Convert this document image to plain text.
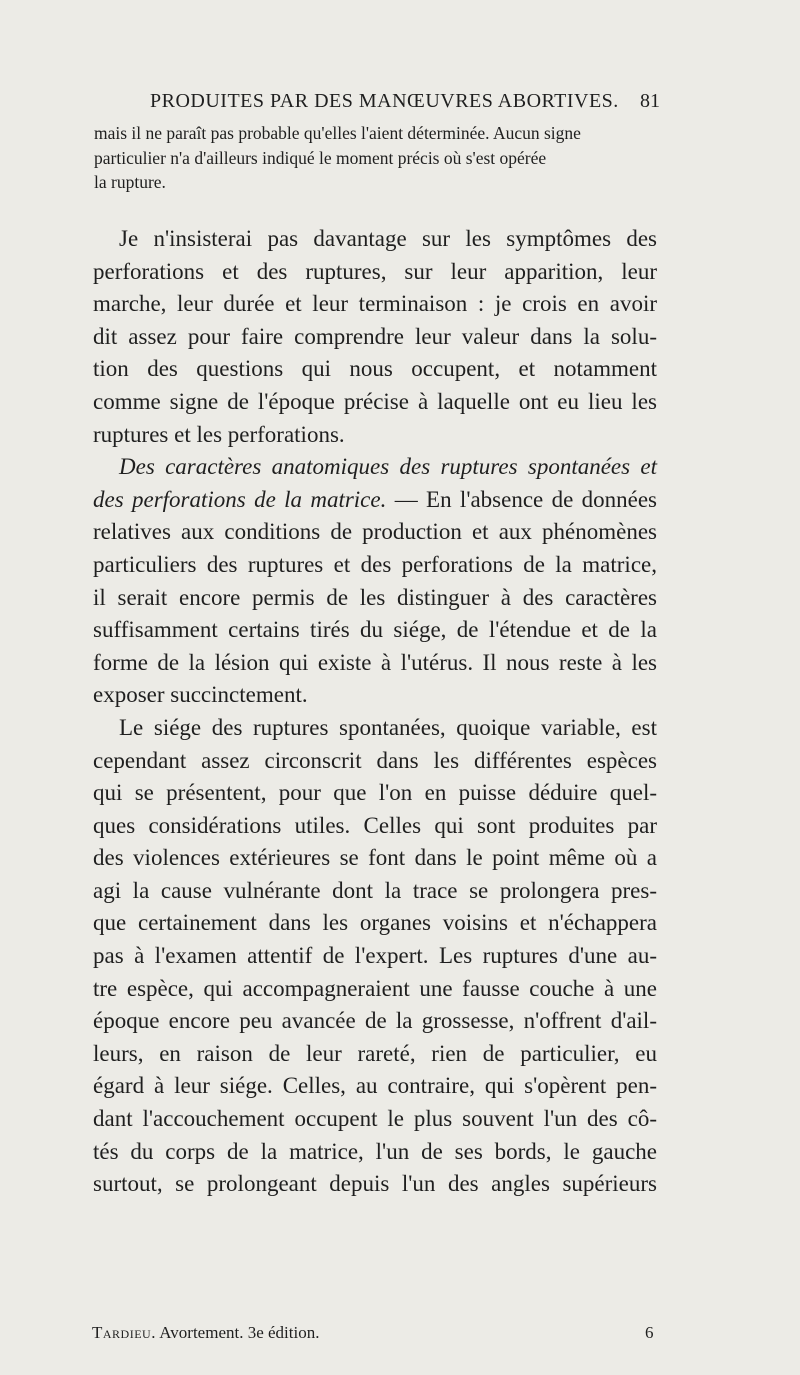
PRODUITES PAR DES MANŒUVRES ABORTIVES.	81
mais il ne paraît pas probable qu'elles l'aient déterminée. Aucun signe
particulier n'a d'ailleurs indiqué le moment précis où s'est opérée
la rupture.
Je n'insisterai pas davantage sur les symptômes des
perforations et des ruptures, sur leur apparition, leur
marche, leur durée et leur terminaison : je crois en avoir
dit assez pour faire comprendre leur valeur dans la solu-
tion des questions qui nous occupent, et notamment
comme signe de l'époque précise à laquelle ont eu lieu les
ruptures et les perforations.
Des caractères anatomiques des ruptures spontanées et
des perforations de la matrice. — En l'absence de données
relatives aux conditions de production et aux phénomènes
particuliers des ruptures et des perforations de la matrice,
il serait encore permis de les distinguer à des caractères
suffisamment certains tirés du siége, de l'étendue et de la
forme de la lésion qui existe à l'utérus. Il nous reste à les
exposer succinctement.
Le siége des ruptures spontanées, quoique variable, est
cependant assez circonscrit dans les différentes espèces
qui se présentent, pour que l'on en puisse déduire quel-
ques considérations utiles. Celles qui sont produites par
des violences extérieures se font dans le point même où a
agi la cause vulnérante dont la trace se prolongera pres-
que certainement dans les organes voisins et n'échappera
pas à l'examen attentif de l'expert. Les ruptures d'une au-
tre espèce, qui accompagneraient une fausse couche à une
époque encore peu avancée de la grossesse, n'offrent d'ail-
leurs, en raison de leur rareté, rien de particulier, eu
égard à leur siége. Celles, au contraire, qui s'opèrent pen-
dant l'accouchement occupent le plus souvent l'un des cô-
tés du corps de la matrice, l'un de ses bords, le gauche
surtout, se prolongeant depuis l'un des angles supérieurs
Tardieu. Avortement. 3e édition.	6
